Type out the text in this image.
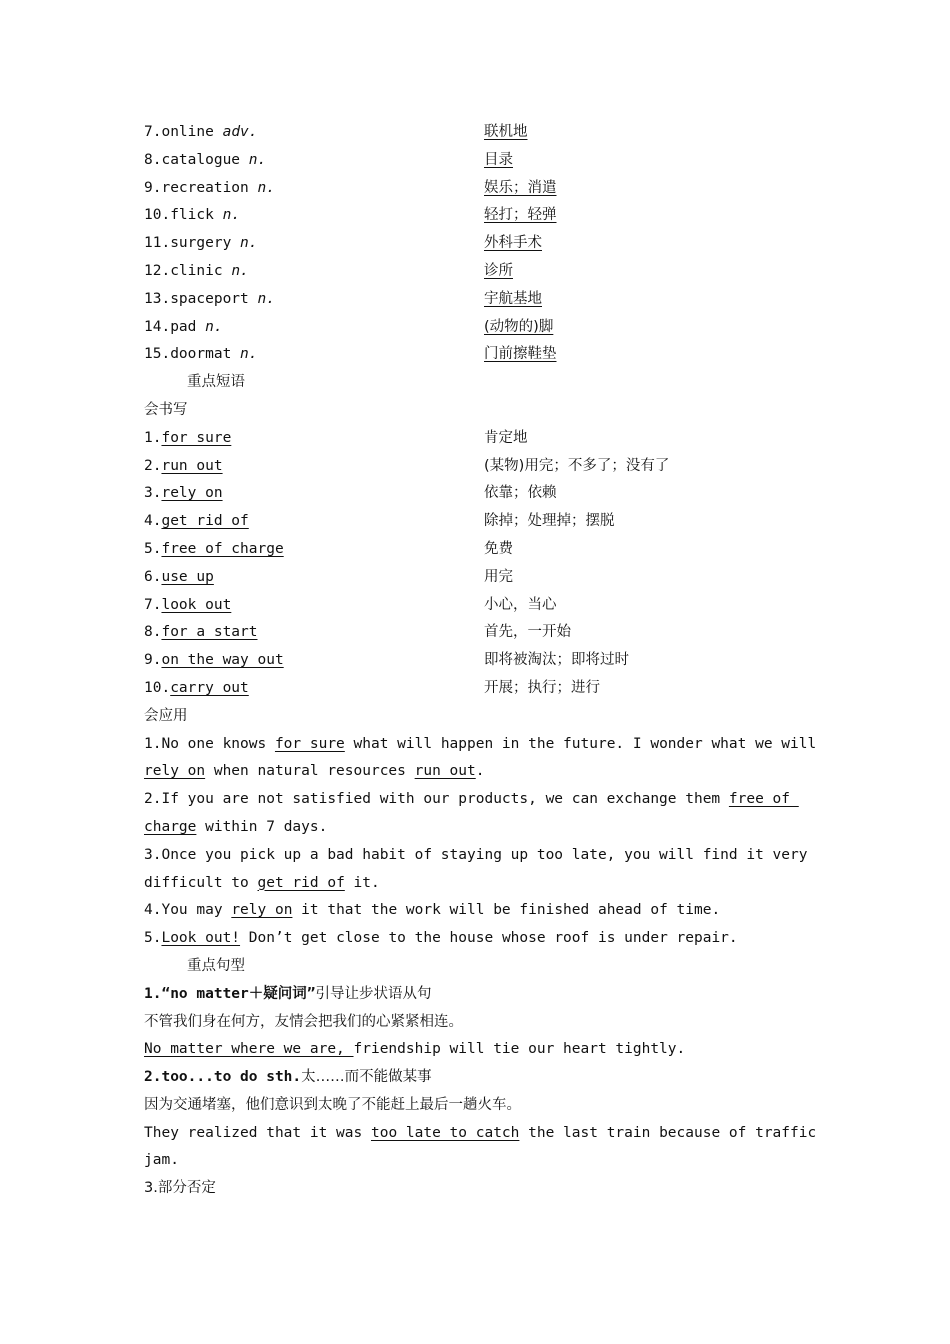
7.online adv.	联机地
8.catalogue n.	目录
9.recreation n.	娱乐；消遣
10.flick n.	轻打；轻弹
11.surgery n.	外科手术
12.clinic n.	诊所
13.spaceport n.	宇航基地
14.pad n.	(动物的)脚
15.doormat n.	门前擦鞋垫
重点短语
会书写
1.for sure	肯定地
2.run out	(某物)用完；不多了；没有了
3.rely on	依靠；依赖
4.get rid of	除掉；处理掉；摆脱
5.free of charge	免费
6.use up	用完
7.look out	小心，当心
8.for a start	首先，一开始
9.on the way out	即将被淘汰；即将过时
10.carry out	开展；执行；进行
会应用
1.No one knows for sure what will happen in the future. I wonder what we will
rely on when natural resources run out.
2.If you are not satisfied with our products, we can exchange them free of
charge within 7 days.
3.Once you pick up a bad habit of staying up too late, you will find it very
difficult to get rid of it.
4.You may rely on it that the work will be finished ahead of time.
5.Look out! Don’t get close to the house whose roof is under repair.
重点句型
1.“no matter＋疑问词”引导让步状语从句
不管我们身在何方，友情会把我们的心紧紧相连。
No matter where we are, friendship will tie our heart tightly.
2.too...to do sth.太……而不能做某事
因为交通堵塞，他们意识到太晚了不能赶上最后一趟火车。
They realized that it was too late to catch the last train because of traffic
jam.
3.部分否定
